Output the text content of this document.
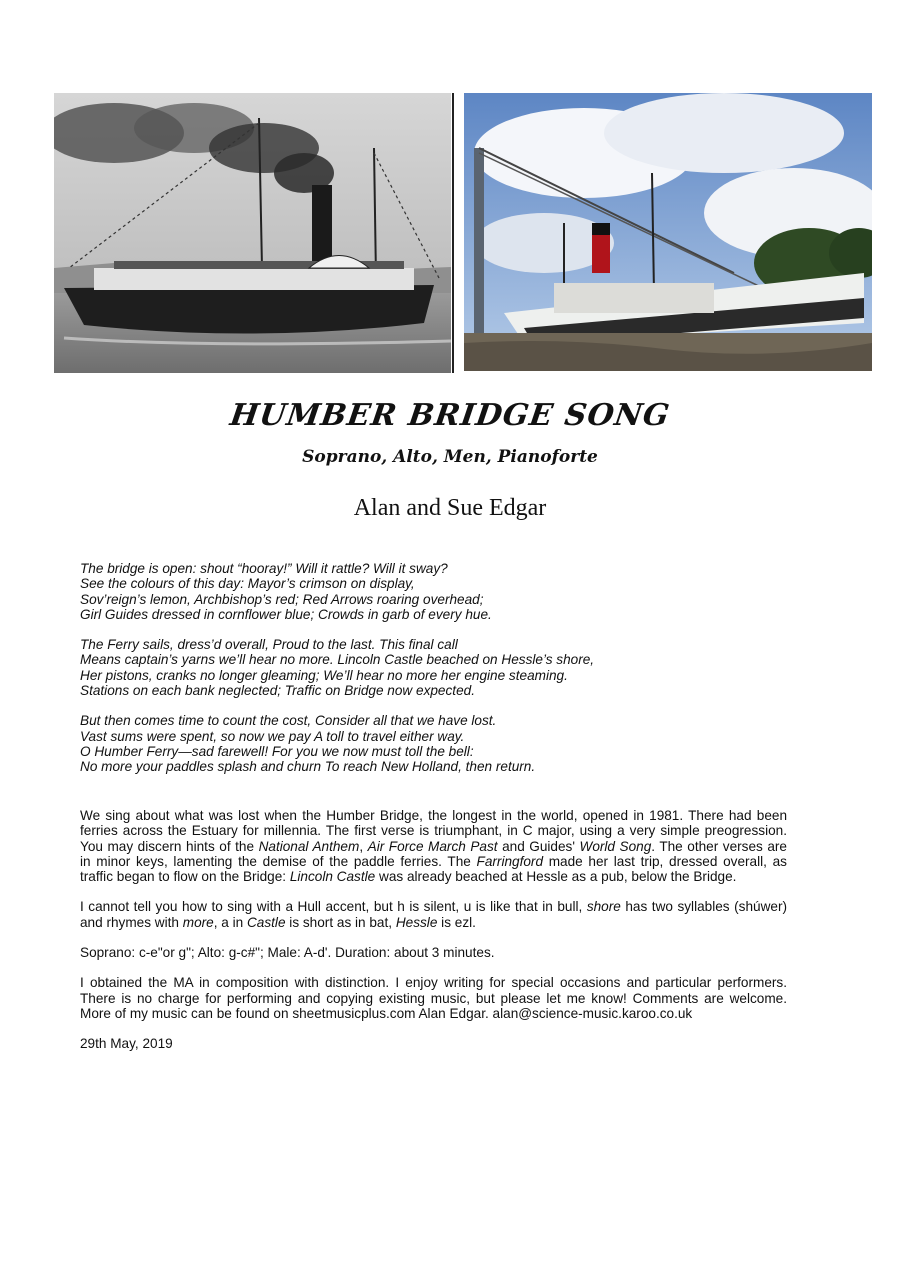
HUMBER BRIDGE SONG
Soprano, Alto, Men, Pianoforte
Alan and Sue Edgar
The bridge is open: shout “hooray!” Will it rattle? Will it sway?
See the colours of this day: Mayor’s crimson on display,
Sov’reign’s lemon, Archbishop’s red; Red Arrows roaring overhead;
Girl Guides dressed in cornflower blue; Crowds in garb of every hue.
The Ferry sails, dress’d overall, Proud to the last. This final call
Means captain’s yarns we’ll hear no more. Lincoln Castle beached on Hessle’s shore,
Her pistons, cranks no longer gleaming; We’ll hear no more her engine steaming.
Stations on each bank neglected; Traffic on Bridge now expected.
But then comes time to count the cost, Consider all that we have lost.
Vast sums were spent, so now we pay A toll to travel either way.
O Humber Ferry—sad farewell! For you we now must toll the bell:
No more your paddles splash and churn To reach New Holland, then return.

We sing about what was lost when the Humber Bridge, the longest in the world, opened in 1981. There had been ferries across the Estuary for millennia. The first verse is triumphant, in C major, using a very simple preogression. You may discern hints of the National Anthem, Air Force March Past and Guides' World Song. The other verses are in minor keys, lamenting the demise of the paddle ferries. The Farringford made her last trip, dressed overall, as traffic began to flow on the Bridge: Lincoln Castle was already beached at Hessle as a pub, below the Bridge.

I cannot tell you how to sing with a Hull accent, but h is silent, u is like that in bull, shore has two syllables (shúwer) and rhymes with more, a in Castle is short as in bat, Hessle is ezl.

Soprano: c-e"or g"; Alto: g-c#"; Male: A-d'. Duration: about 3 minutes.

I obtained the MA in composition with distinction. I enjoy writing for special occasions and particular performers. There is no charge for performing and copying existing music, but please let me know! Comments are welcome. More of my music can be found on sheetmusicplus.com Alan Edgar. alan@science-music.karoo.co.uk

29th May, 2019
